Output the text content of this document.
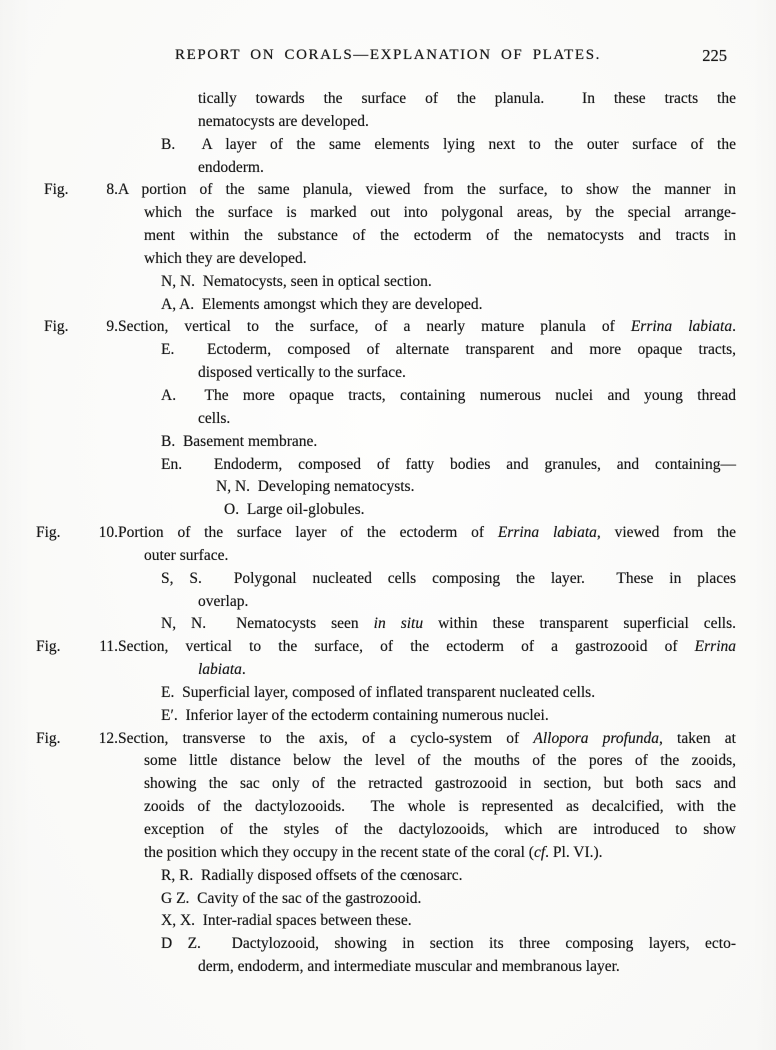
REPORT ON CORALS—EXPLANATION OF PLATES.	225
tically towards the surface of the planula.  In these tracts the
nematocysts are developed.
B.  A layer of the same elements lying next to the outer surface of the
endoderm.
Fig. 8.A portion of the same planula, viewed from the surface, to show the manner in
which the surface is marked out into polygonal areas, by the special arrange-
ment within the substance of the ectoderm of the nematocysts and tracts in
which they are developed.
N, N.  Nematocysts, seen in optical section.
A, A.  Elements amongst which they are developed.
Fig. 9.Section, vertical to the surface, of a nearly mature planula of Errina labiata.
E.  Ectoderm, composed of alternate transparent and more opaque tracts,
disposed vertically to the surface.
A.  The more opaque tracts, containing numerous nuclei and young thread
cells.
B.  Basement membrane.
En.  Endoderm, composed of fatty bodies and granules, and containing—
N, N.  Developing nematocysts.
O.  Large oil-globules.
Fig. 10.Portion of the surface layer of the ectoderm of Errina labiata, viewed from the
outer surface.
S, S.  Polygonal nucleated cells composing the layer.  These in places
overlap.
N, N.  Nematocysts seen in situ within these transparent superficial cells.
Fig. 11.Section, vertical to the surface, of the ectoderm of a gastrozooid of Errina
labiata.
E.  Superficial layer, composed of inflated transparent nucleated cells.
E′.  Inferior layer of the ectoderm containing numerous nuclei.
Fig. 12.Section, transverse to the axis, of a cyclo-system of Allopora profunda, taken at
some little distance below the level of the mouths of the pores of the zooids,
showing the sac only of the retracted gastrozooid in section, but both sacs and
zooids of the dactylozooids.  The whole is represented as decalcified, with the
exception of the styles of the dactylozooids, which are introduced to show
the position which they occupy in the recent state of the coral (cf. Pl. VI.).
R, R.  Radially disposed offsets of the cœnosarc.
G Z.  Cavity of the sac of the gastrozooid.
X, X.  Inter-radial spaces between these.
D Z.  Dactylozooid, showing in section its three composing layers, ecto-
derm, endoderm, and intermediate muscular and membranous layer.
